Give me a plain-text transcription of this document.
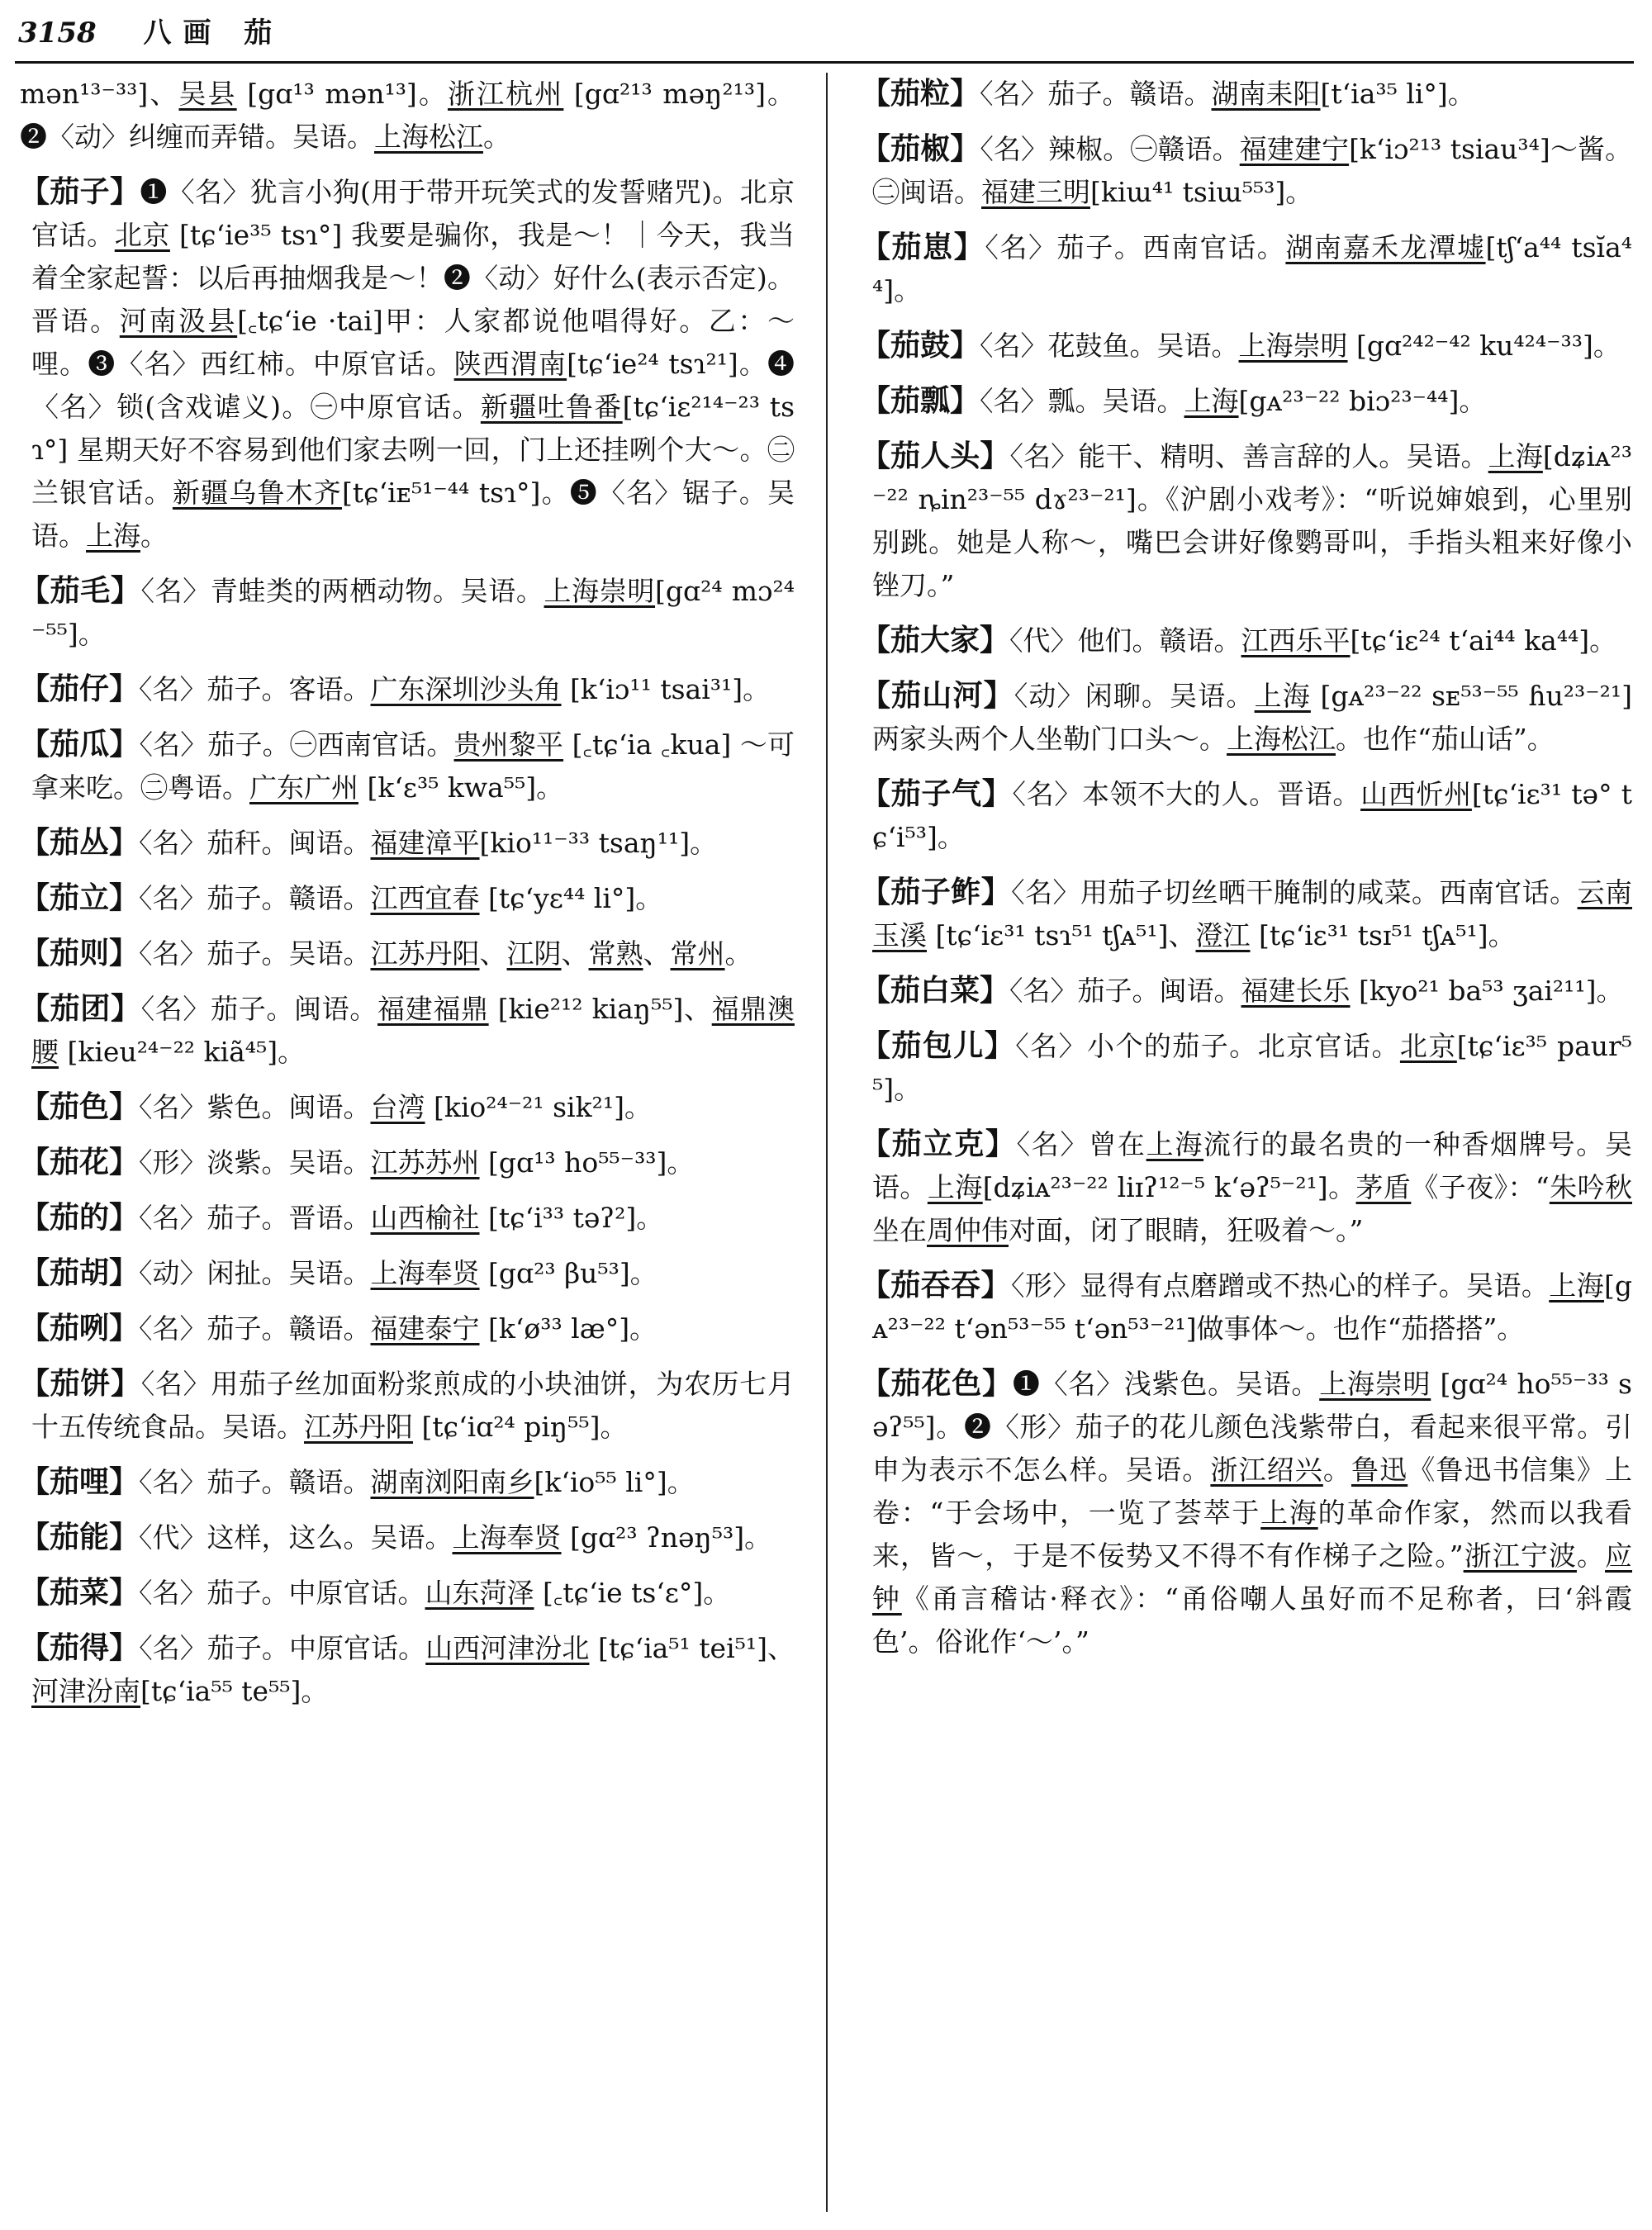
3158 八画 茄

mən¹³⁻³³]、吴县 [gɑ¹³ mən¹³]。浙江杭州 [gɑ²¹³ məŋ²¹³]。❷〈动〉纠缠而弄错。吴语。上海松江。

【茄子】❶〈名〉犹言小狗(用于带开玩笑式的发誓赌咒)。北京官话。北京 [tɕʻie³⁵ tsɿ°] 我要是骗你，我是～！｜今天，我当着全家起誓：以后再抽烟我是～！❷〈动〉好什么(表示否定)。晋语。河南汲县[꜀tɕʻie ·tai]甲：人家都说他唱得好。乙：～哩。❸〈名〉西红柿。中原官话。陕西渭南[tɕʻie²⁴ tsɿ²¹]。❹〈名〉锁(含戏谑义)。㊀中原官话。新疆吐鲁番[tɕʻiɛ²¹⁴⁻²³ tsɿ°] 星期天好不容易到他们家去咧一回，门上还挂咧个大～。㊁兰银官话。新疆乌鲁木齐[tɕʻiᴇ⁵¹⁻⁴⁴ tsɿ°]。❺〈名〉锯子。吴语。上海。

【茄毛】〈名〉青蛙类的两栖动物。吴语。上海崇明[gɑ²⁴ mɔ²⁴⁻⁵⁵]。

【茄仔】〈名〉茄子。客语。广东深圳沙头角 [kʻiɔ¹¹ tsai³¹]。

【茄瓜】〈名〉茄子。㊀西南官话。贵州黎平 [꜀tɕʻia ꜀kua] ～可拿来吃。㊁粤语。广东广州 [kʻɛ³⁵ kwa⁵⁵]。

【茄丛】〈名〉茄秆。闽语。福建漳平[kio¹¹⁻³³ tsaŋ¹¹]。

【茄立】〈名〉茄子。赣语。江西宜春 [tɕʻyɛ⁴⁴ li°]。

【茄则】〈名〉茄子。吴语。江苏丹阳、江阴、常熟、常州。

【茄团】〈名〉茄子。闽语。福建福鼎 [kie²¹² kiaŋ⁵⁵]、福鼎澳腰 [kieu²⁴⁻²² kiã⁴⁵]。

【茄色】〈名〉紫色。闽语。台湾 [kio²⁴⁻²¹ sik²¹]。

【茄花】〈形〉淡紫。吴语。江苏苏州 [gɑ¹³ ho⁵⁵⁻³³]。

【茄的】〈名〉茄子。晋语。山西榆社 [tɕʻi³³ təʔ²]。

【茄胡】〈动〉闲扯。吴语。上海奉贤 [gɑ²³ βu⁵³]。

【茄咧】〈名〉茄子。赣语。福建泰宁 [kʻø³³ læ°]。

【茄饼】〈名〉用茄子丝加面粉浆煎成的小块油饼，为农历七月十五传统食品。吴语。江苏丹阳 [tɕʻiɑ²⁴ piŋ⁵⁵]。

【茄哩】〈名〉茄子。赣语。湖南浏阳南乡[kʻio⁵⁵ li°]。

【茄能】〈代〉这样，这么。吴语。上海奉贤 [gɑ²³ ʔnəŋ⁵³]。

【茄菜】〈名〉茄子。中原官话。山东菏泽 [꜀tɕʻie tsʻɛ°]。

【茄得】〈名〉茄子。中原官话。山西河津汾北 [tɕʻia⁵¹ tei⁵¹]、河津汾南[tɕʻia⁵⁵ te⁵⁵]。

【茄粒】〈名〉茄子。赣语。湖南耒阳[tʻia³⁵ li°]。

【茄椒】〈名〉辣椒。㊀赣语。福建建宁[kʻiɔ²¹³ tsiau³⁴]～酱。㊁闽语。福建三明[kiɯ⁴¹ tsiɯ⁵⁵³]。

【茄崽】〈名〉茄子。西南官话。湖南嘉禾龙潭墟[tʃʻa⁴⁴ tsĭa⁴⁴]。

【茄鼓】〈名〉花鼓鱼。吴语。上海崇明 [gɑ²⁴²⁻⁴² ku⁴²⁴⁻³³]。

【茄瓢】〈名〉瓢。吴语。上海[gᴀ²³⁻²² biɔ²³⁻⁴⁴]。

【茄人头】〈名〉能干、精明、善言辞的人。吴语。上海[dʑiᴀ²³⁻²² ȵin²³⁻⁵⁵ dɤ²³⁻²¹]。《沪剧小戏考》：“听说婶娘到，心里别别跳。她是人称～，嘴巴会讲好像鹦哥叫，手指头粗来好像小锉刀。”

【茄大家】〈代〉他们。赣语。江西乐平[tɕʻiɛ²⁴ tʻai⁴⁴ ka⁴⁴]。

【茄山河】〈动〉闲聊。吴语。上海 [gᴀ²³⁻²² sᴇ⁵³⁻⁵⁵ ɦu²³⁻²¹] 两家头两个人坐勒门口头～。上海松江。也作“茄山话”。

【茄子气】〈名〉本领不大的人。晋语。山西忻州[tɕʻiɛ³¹ tə° tɕʻi⁵³]。

【茄子鲊】〈名〉用茄子切丝晒干腌制的咸菜。西南官话。云南玉溪 [tɕʻiɛ³¹ tsɿ⁵¹ tʃᴀ⁵¹]、澄江 [tɕʻiɛ³¹ tsɪ⁵¹ tʃᴀ⁵¹]。

【茄白菜】〈名〉茄子。闽语。福建长乐 [kyo²¹ ba⁵³ ʒai²¹¹]。

【茄包儿】〈名〉小个的茄子。北京官话。北京[tɕʻiɛ³⁵ paur⁵⁵]。

【茄立克】〈名〉曾在上海流行的最名贵的一种香烟牌号。吴语。上海[dʑiᴀ²³⁻²² liɪʔ¹²⁻⁵ kʻəʔ⁵⁻²¹]。茅盾《子夜》：“朱吟秋坐在周仲伟对面，闭了眼睛，狂吸着～。”

【茄吞吞】〈形〉显得有点磨蹭或不热心的样子。吴语。上海[gᴀ²³⁻²² tʻən⁵³⁻⁵⁵ tʻən⁵³⁻²¹]做事体～。也作“茄搭搭”。

【茄花色】❶〈名〉浅紫色。吴语。上海崇明 [gɑ²⁴ ho⁵⁵⁻³³ səʔ⁵⁵]。❷〈形〉茄子的花儿颜色浅紫带白，看起来很平常。引申为表示不怎么样。吴语。浙江绍兴。鲁迅《鲁迅书信集》上卷：“于会场中，一览了荟萃于上海的革命作家，然而以我看来，皆～，于是不佞势又不得不有作梯子之险。”浙江宁波。应钟《甬言稽诂·释衣》：“甬俗嘲人虽好而不足称者，曰‘斜霞色’。俗讹作‘～’。”
